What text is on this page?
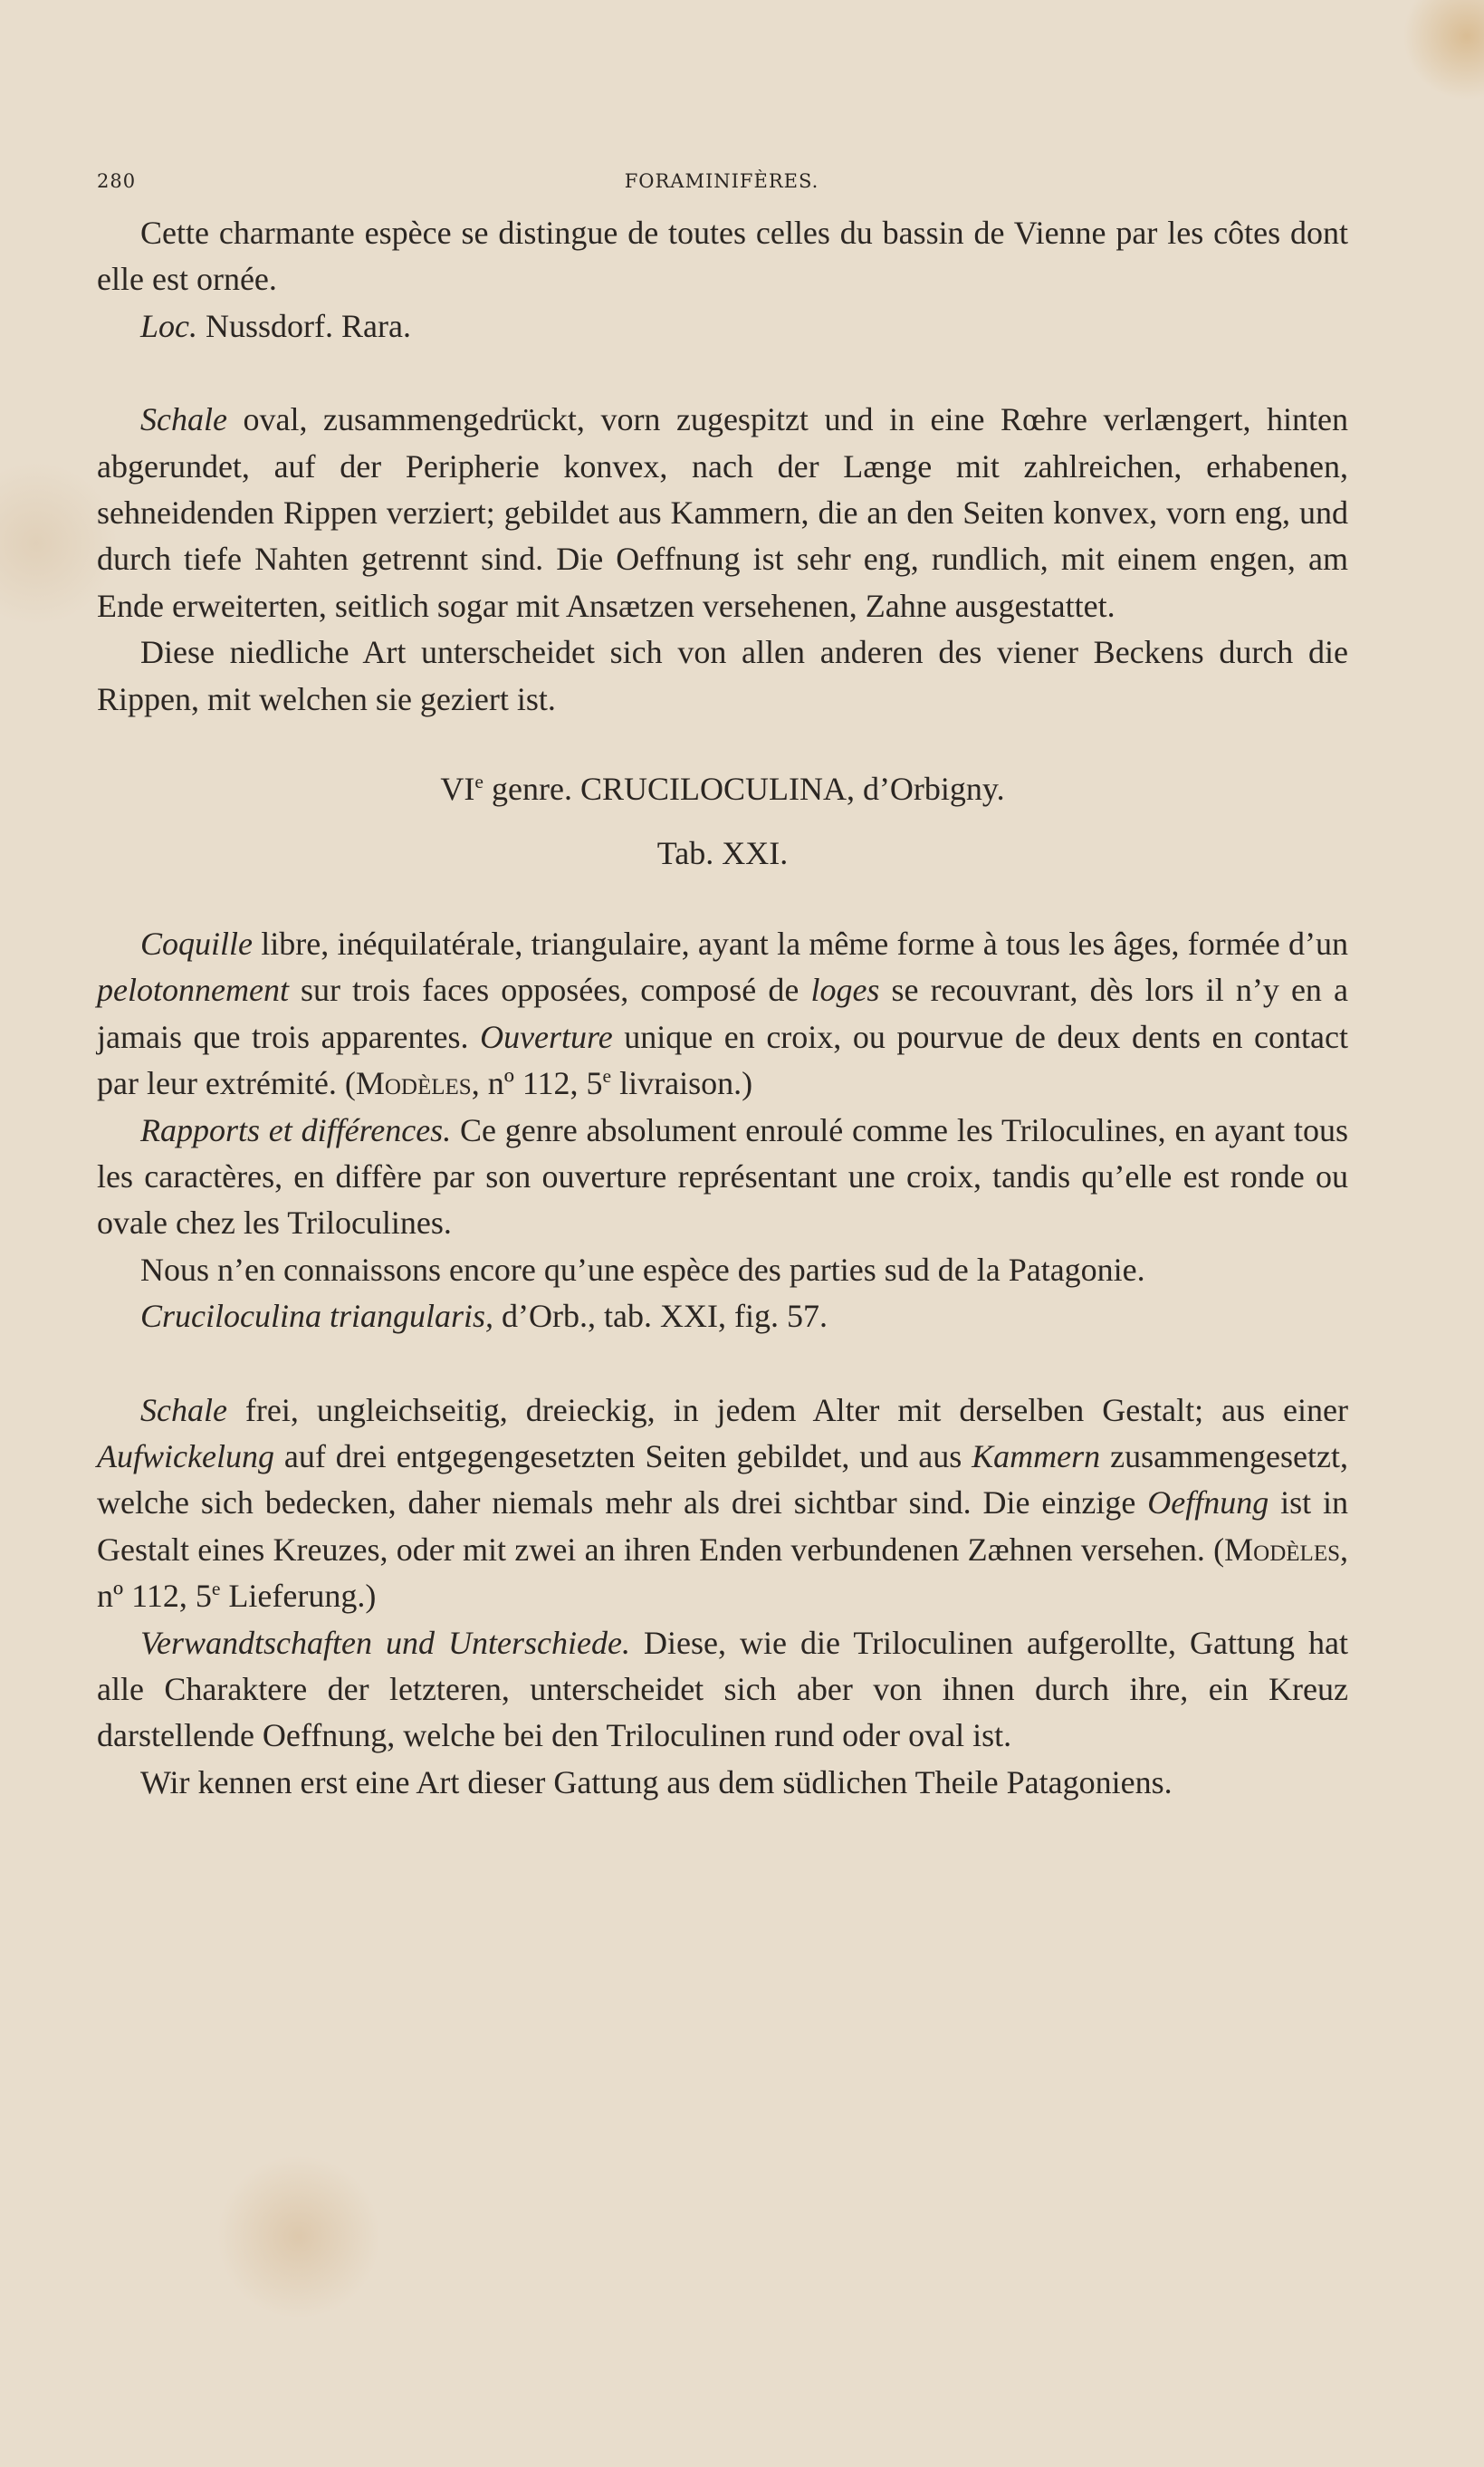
280	FORAMINIFÈRES.

Cette charmante espèce se distingue de toutes celles du bassin de Vienne par les côtes dont elle est ornée.

Loc. Nussdorf. Rara.

Schale oval, zusammengedrückt, vorn zugespitzt und in eine Rœhre verlængert, hinten abgerundet, auf der Peripherie konvex, nach der Længe mit zahlreichen, erhabenen, sehneidenden Rippen verziert; gebildet aus Kammern, die an den Seiten konvex, vorn eng, und durch tiefe Nahten getrennt sind. Die Oeffnung ist sehr eng, rundlich, mit einem engen, am Ende erweiterten, seitlich sogar mit Ansætzen versehenen, Zahne ausgestattet.

Diese niedliche Art unterscheidet sich von allen anderen des viener Beckens durch die Rippen, mit welchen sie geziert ist.

VIe genre. CRUCILOCULINA, d’Orbigny.

Tab. XXI.

Coquille libre, inéquilatérale, triangulaire, ayant la même forme à tous les âges, formée d’un pelotonnement sur trois faces opposées, composé de loges se recouvrant, dès lors il n’y en a jamais que trois apparentes. Ouverture unique en croix, ou pourvue de deux dents en contact par leur extrémité. (Modèles, nº 112, 5e livraison.)

Rapports et différences. Ce genre absolument enroulé comme les Triloculines, en ayant tous les caractères, en diffère par son ouverture représentant une croix, tandis qu’elle est ronde ou ovale chez les Triloculines.

Nous n’en connaissons encore qu’une espèce des parties sud de la Patagonie.

Cruciloculina triangularis, d’Orb., tab. XXI, fig. 57.

Schale frei, ungleichseitig, dreieckig, in jedem Alter mit derselben Gestalt; aus einer Aufwickelung auf drei entgegengesetzten Seiten gebildet, und aus Kammern zusammengesetzt, welche sich bedecken, daher niemals mehr als drei sichtbar sind. Die einzige Oeffnung ist in Gestalt eines Kreuzes, oder mit zwei an ihren Enden verbundenen Zæhnen versehen. (Modèles, nº 112, 5e Lieferung.)

Verwandtschaften und Unterschiede. Diese, wie die Triloculinen aufgerollte, Gattung hat alle Charaktere der letzteren, unterscheidet sich aber von ihnen durch ihre, ein Kreuz darstellende Oeffnung, welche bei den Triloculinen rund oder oval ist.

Wir kennen erst eine Art dieser Gattung aus dem südlichen Theile Patagoniens.
